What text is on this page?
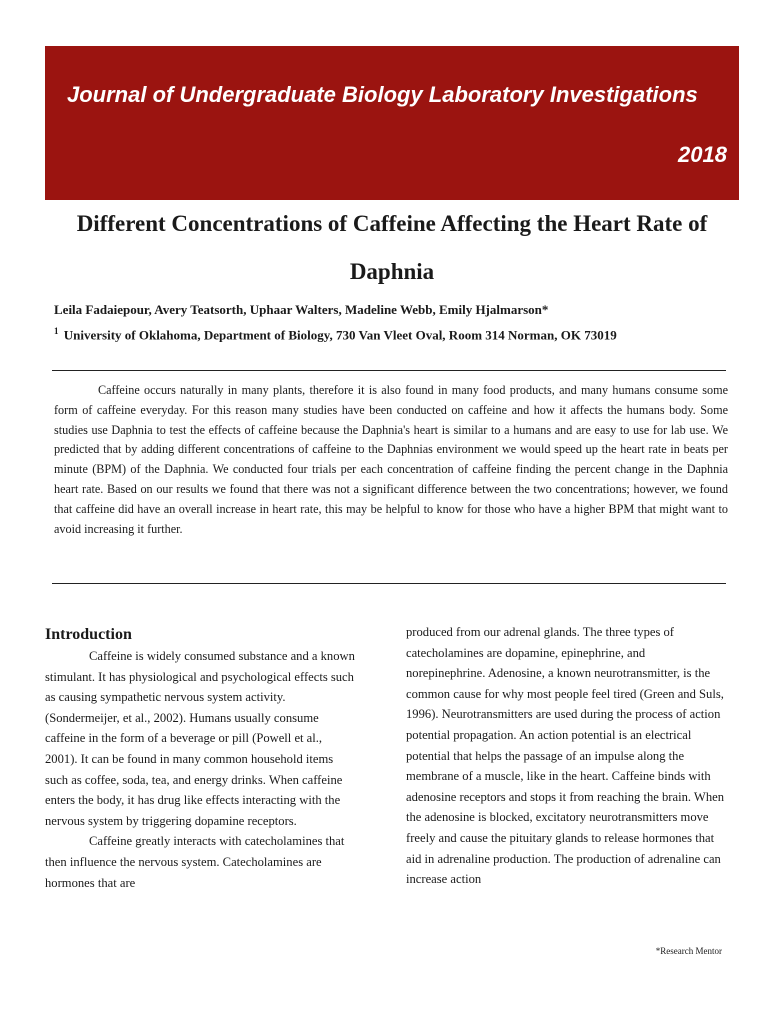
Journal of Undergraduate Biology Laboratory Investigations
2018
Different Concentrations of Caffeine Affecting the Heart Rate of Daphnia
Leila Fadaiepour, Avery Teatsorth, Uphaar Walters, Madeline Webb, Emily Hjalmarson*
$^1$ University of Oklahoma, Department of Biology, 730 Van Vleet Oval, Room 314 Norman, OK 73019

Caffeine occurs naturally in many plants, therefore it is also found in many food products, and many humans consume some form of caffeine everyday. For this reason many studies have been conducted on caffeine and how it affects the humans body. Some studies use Daphnia to test the effects of caffeine because the Daphnia's heart is similar to a humans and are easy to use for lab use. We predicted that by adding different concentrations of caffeine to the Daphnias environment we would speed up the heart rate in beats per minute (BPM) of the Daphnia. We conducted four trials per each concentration of caffeine finding the percent change in the Daphnia heart rate. Based on our results we found that there was not a significant difference between the two concentrations; however, we found that caffeine did have an overall increase in heart rate, this may be helpful to know for those who have a higher BPM that might want to avoid increasing it further.

Introduction

Caffeine is widely consumed substance and a known stimulant. It has physiological and psychological effects such as causing sympathetic nervous system activity. (Sondermeijer, et al., 2002). Humans usually consume caffeine in the form of a beverage or pill (Powell et al., 2001). It can be found in many common household items such as coffee, soda, tea, and energy drinks. When caffeine enters the body, it has drug like effects interacting with the nervous system by triggering dopamine receptors.

Caffeine greatly interacts with catecholamines that then influence the nervous system. Catecholamines are hormones that are

produced from our adrenal glands. The three types of catecholamines are dopamine, epinephrine, and norepinephrine. Adenosine, a known neurotransmitter, is the common cause for why most people feel tired (Green and Suls, 1996). Neurotransmitters are used during the process of action potential propagation. An action potential is an electrical potential that helps the passage of an impulse along the membrane of a muscle, like in the heart. Caffeine binds with adenosine receptors and stops it from reaching the brain. When the adenosine is blocked, excitatory neurotransmitters move freely and cause the pituitary glands to release hormones that aid in adrenaline production. The production of adrenaline can increase action

*Research Mentor
